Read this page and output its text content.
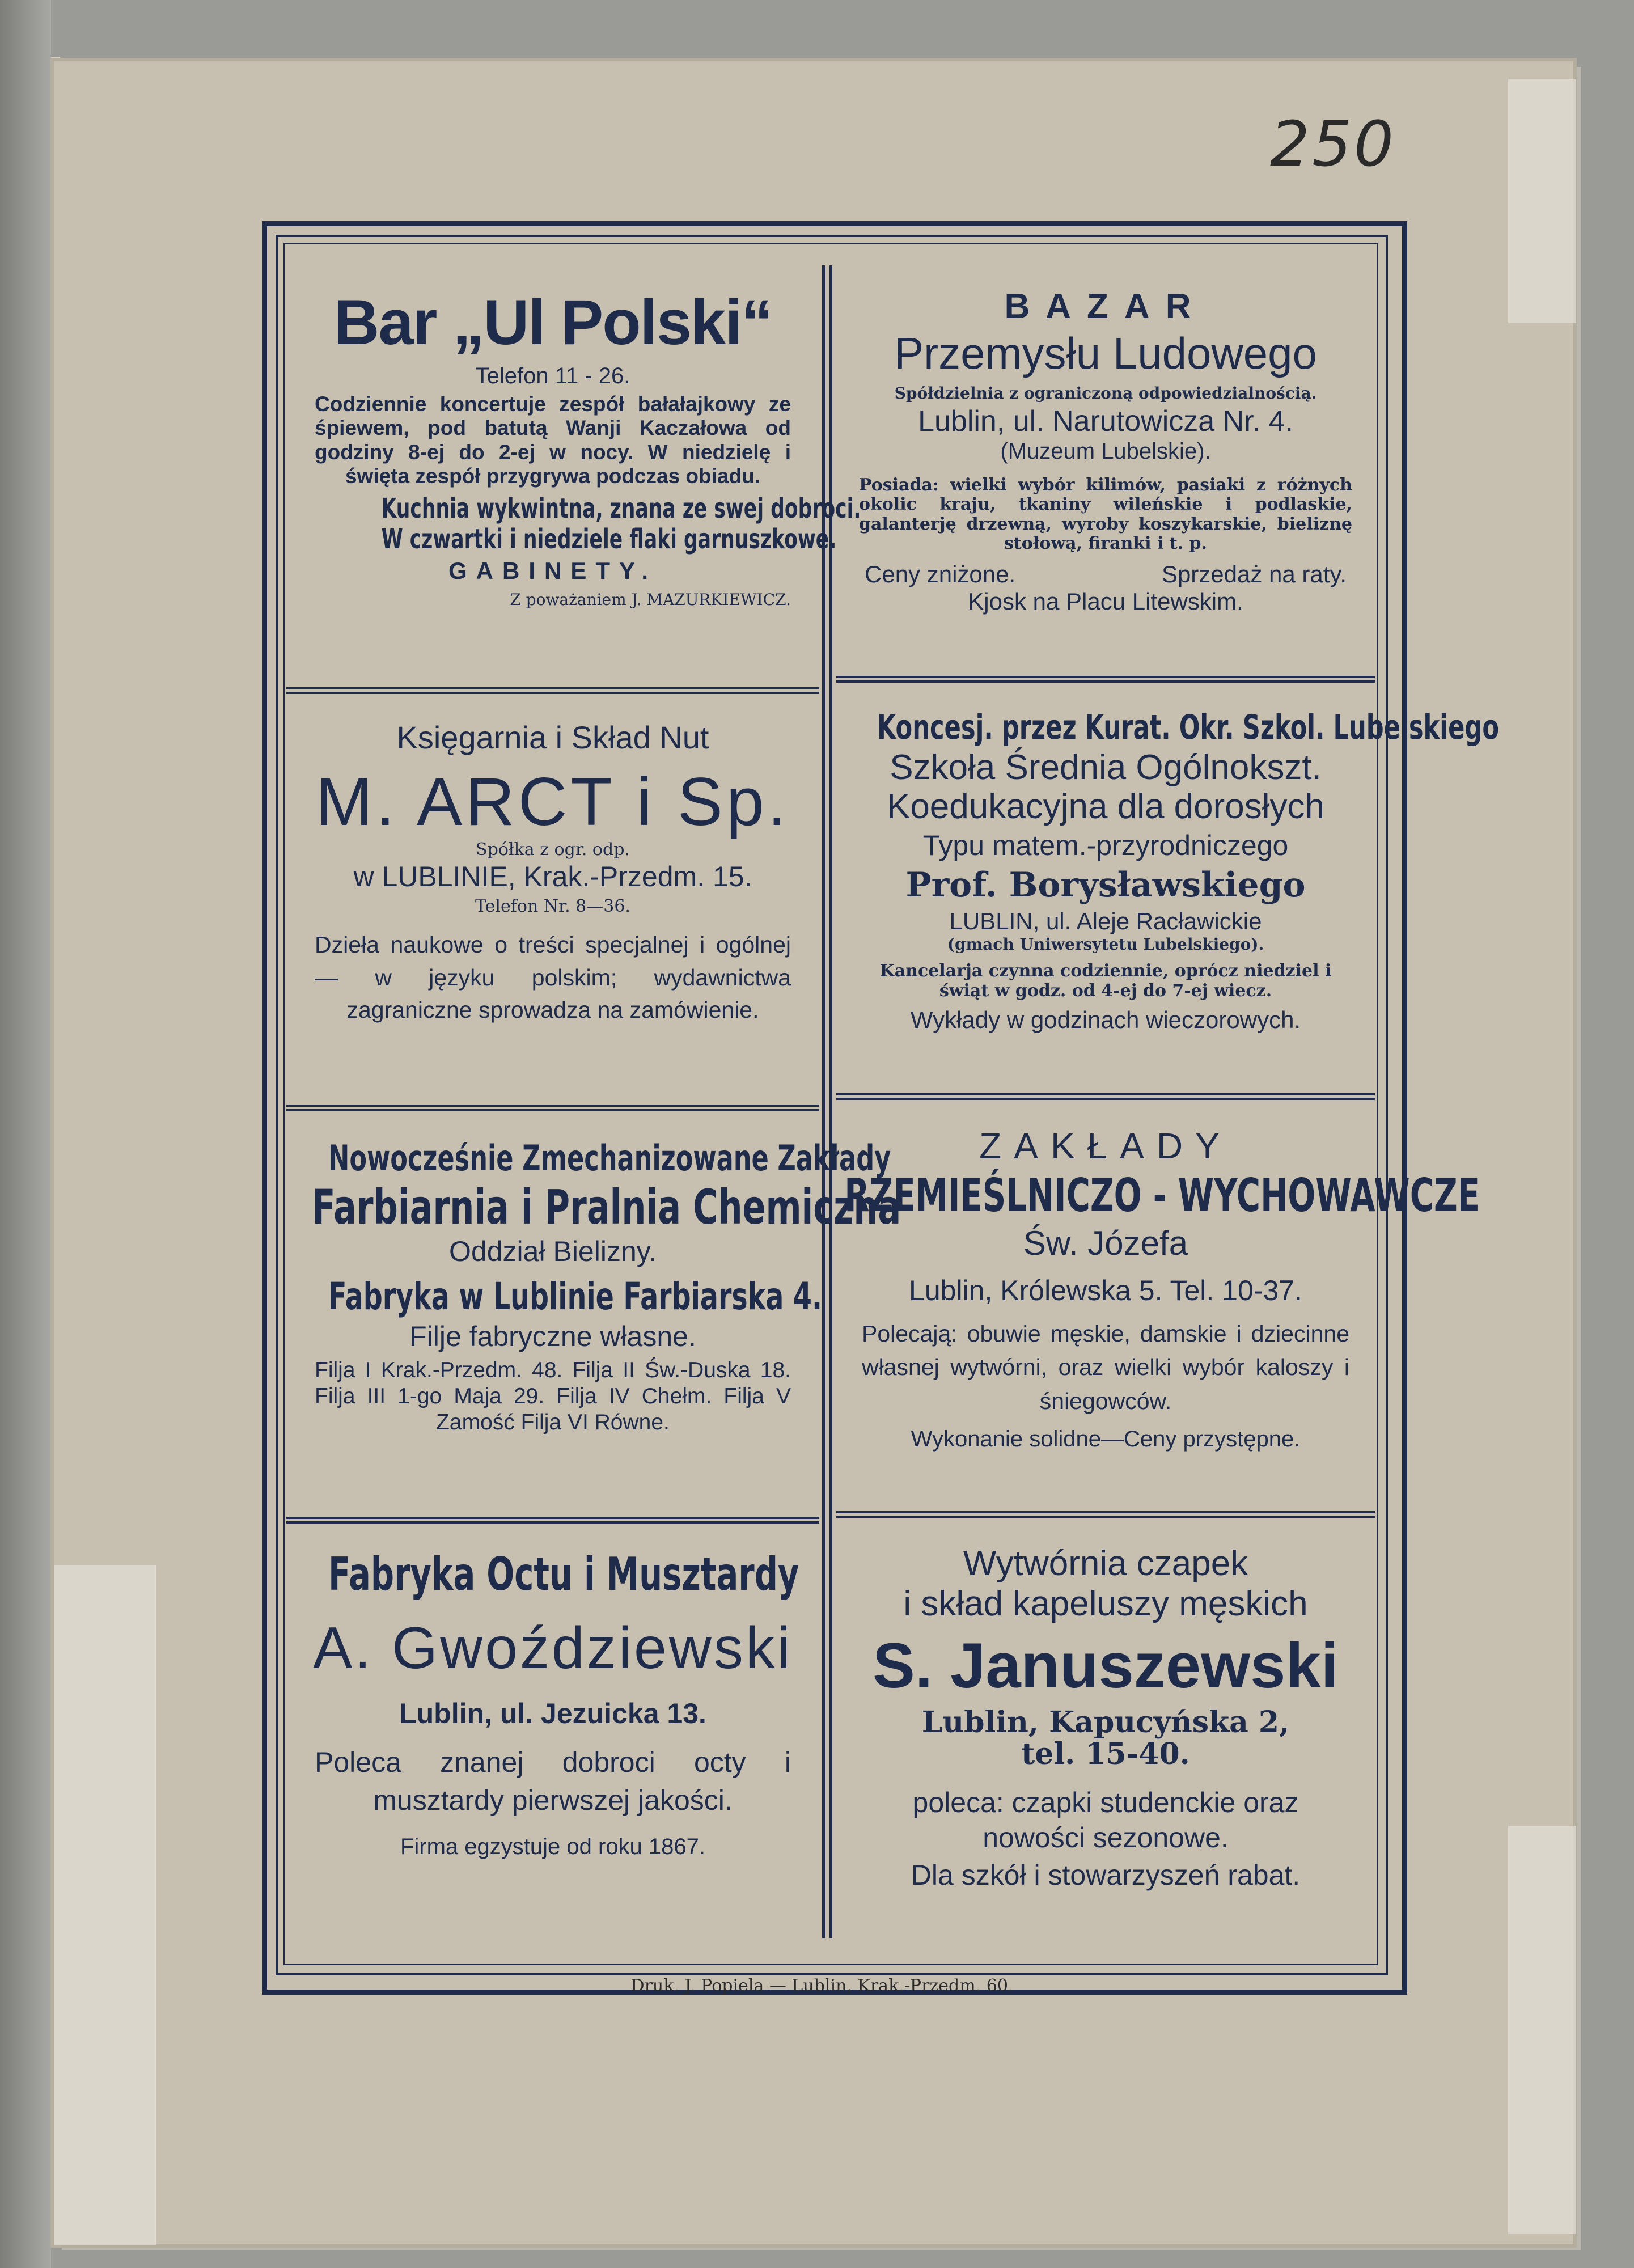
250
Bar „Ul Polski“
Telefon 11 - 26.
Codziennie koncertuje zespół bałałajkowy ze śpiewem, pod batutą Wanji Kaczałowa od godziny 8-ej do 2-ej w nocy. W niedzielę i święta zespół przygrywa podczas obiadu.
Kuchnia wykwintna, znana ze swej dobroci.
W czwartki i niedziele flaki garnuszkowe.
GABINETY.
Z poważaniem J. MAZURKIEWICZ.
BAZAR
Przemysłu Ludowego
Spółdzielnia z ograniczoną odpowiedzialnością.
Lublin, ul. Narutowicza Nr. 4.
(Muzeum Lubelskie).
Posiada: wielki wybór kilimów, pasiaki z różnych okolic kraju, tkaniny wileńskie i podlaskie, galanterję drzewną, wyroby koszykarskie, bieliznę stołową, firanki i t. p.
Ceny zniżone.	Sprzedaż na raty.
Kjosk na Placu Litewskim.
Księgarnia i Skład Nut
M. ARCT i Sp.
Spółka z ogr. odp.
w LUBLINIE, Krak.-Przedm. 15.
Telefon Nr. 8—36.
Dzieła naukowe o treści specjalnej i ogólnej — w języku polskim; wydawnictwa zagraniczne sprowadza na zamówienie.
Koncesj. przez Kurat. Okr. Szkol. Lubelskiego
Szkoła Średnia Ogólnokszt.
Koedukacyjna dla dorosłych
Typu matem.-przyrodniczego
Prof. Borysławskiego
LUBLIN, ul. Aleje Racławickie
(gmach Uniwersytetu Lubelskiego).
Kancelarja czynna codziennie, oprócz niedziel i świąt w godz. od 4-ej do 7-ej wiecz.
Wykłady w godzinach wieczorowych.
Nowocześnie Zmechanizowane Zakłady
Farbiarnia i Pralnia Chemiczna
Oddział Bielizny.
Fabryka w Lublinie Farbiarska 4.
Filje fabryczne własne.
Filja I Krak.-Przedm. 48. Filja II Św.-Duska 18. Filja III 1-go Maja 29. Filja IV Chełm. Filja V Zamość Filja VI Równe.
ZAKŁADY
RZEMIEŚLNICZO - WYCHOWAWCZE
Św. Józefa
Lublin, Królewska 5. Tel. 10-37.
Polecają: obuwie męskie, damskie i dziecinne własnej wytwórni, oraz wielki wybór kaloszy i śniegowców.
Wykonanie solidne—Ceny przystępne.
Fabryka Octu i Musztardy
A. Gwoździewski
Lublin, ul. Jezuicka 13.
Poleca znanej dobroci octy i musztardy pierwszej jakości.
Firma egzystuje od roku 1867.
Wytwórnia czapek
i skład kapeluszy męskich
S. Januszewski
Lublin, Kapucyńska 2,
tel. 15-40.
poleca: czapki studenckie oraz nowości sezonowe.
Dla szkół i stowarzyszeń rabat.
Druk. J. Popiela — Lublin, Krak.-Przedm. 60.
